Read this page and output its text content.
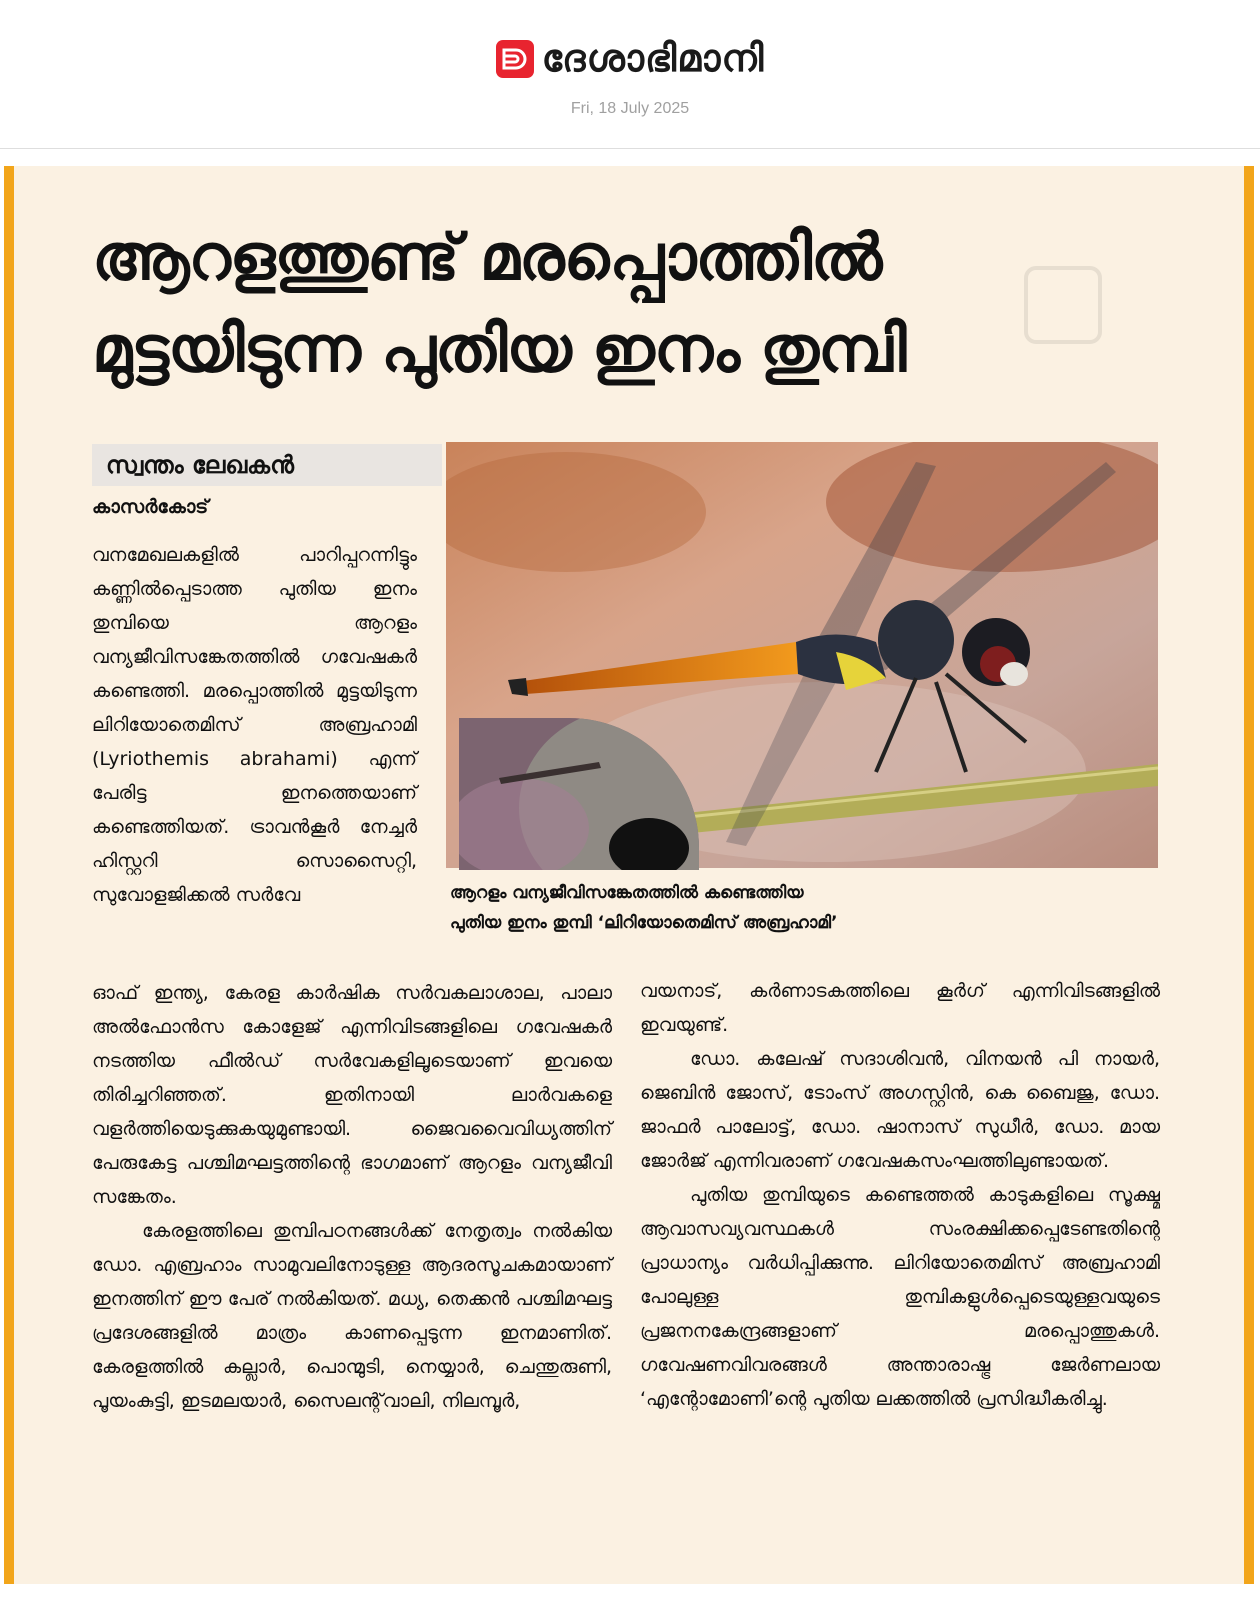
ദേശാഭിമാനി
Fri, 18 July 2025
ആറളത്തുണ്ട് മരപ്പൊത്തിൽ
മുട്ടയിടുന്ന പുതിയ ഇനം തുമ്പി
സ്വന്തം ലേഖകൻ
കാസർകോട്

വനമേഖലകളിൽ പാറിപ്പറന്നിട്ടും കണ്ണിൽപ്പെടാത്ത പുതിയ ഇനം തുമ്പിയെ ആറളം വന്യജീവിസങ്കേതത്തിൽ ഗവേഷകർ കണ്ടെത്തി. മരപ്പൊത്തിൽ മുട്ടയിടുന്ന ലിറിയോതെമിസ് അബ്രഹാമി (Lyriothemis abrahami) എന്ന് പേരിട്ട ഇനത്തെയാണ് കണ്ടെത്തിയത്. ട്രാവൻകൂർ നേച്ചർ ഹിസ്റ്ററി സൊസൈറ്റി, സുവോളജിക്കൽ സർവേ

ഓഫ് ഇന്ത്യ, കേരള കാർഷിക സർവകലാശാല, പാലാ അൽഫോൻസ കോളേജ് എന്നിവിടങ്ങളിലെ ഗവേഷകർ നടത്തിയ ഫീൽഡ് സർവേകളിലൂടെയാണ് ഇവയെ തിരിച്ചറിഞ്ഞത്. ഇതിനായി ലാർവകളെ വളർത്തിയെടുക്കുകയുമുണ്ടായി. ജൈവവൈവിധ്യത്തിന് പേരുകേട്ട പശ്ചിമഘട്ടത്തിന്റെ ഭാഗമാണ് ആറളം വന്യജീവി സങ്കേതം.

കേരളത്തിലെ തുമ്പിപഠനങ്ങൾക്ക് നേതൃത്വം നൽകിയ ഡോ. എബ്രഹാം സാമുവലിനോടുള്ള ആദരസൂചകമായാണ് ഇനത്തിന് ഈ പേര് നൽകിയത്. മധ്യ, തെക്കൻ പശ്ചിമഘട്ട പ്രദേശങ്ങളിൽ മാത്രം കാണപ്പെടുന്ന ഇനമാണിത്. കേരളത്തിൽ കല്ലാർ, പൊന്മുടി, നെയ്യാർ, ചെന്തുരുണി, പൂയംകുട്ടി, ഇടമലയാർ, സൈലന്റ്‌വാലി, നിലമ്പൂർ,

വയനാട്, കർണാടകത്തിലെ കൂർഗ് എന്നിവിടങ്ങളിൽ ഇവയുണ്ട്.

ഡോ. കലേഷ് സദാശിവൻ, വിനയൻ പി നായർ, ജെബിൻ ജോസ്, ടോംസ് അഗസ്റ്റിൻ, കെ ബൈജു, ഡോ. ജാഫർ പാലോട്ട്, ഡോ. ഷാനാസ് സുധീർ, ഡോ. മായ ജോർജ് എന്നിവരാണ് ഗവേഷകസംഘത്തിലുണ്ടായത്.

പുതിയ തുമ്പിയുടെ കണ്ടെത്തൽ കാടുകളിലെ സൂക്ഷ്മ ആവാസവ്യവസ്ഥകൾ സംരക്ഷിക്കപ്പെടേണ്ടതിന്റെ പ്രാധാന്യം വർധിപ്പിക്കുന്നു. ലിറിയോതെമിസ് അബ്രഹാമി പോലുള്ള തുമ്പികളുൾപ്പെടെയുള്ളവയുടെ പ്രജനനകേന്ദ്രങ്ങളാണ് മരപ്പൊത്തുകൾ. ഗവേഷണവിവരങ്ങൾ അന്താരാഷ്ട്ര ജേർണലായ ‘എന്റോമോണി’ന്റെ പുതിയ ലക്കത്തിൽ പ്രസിദ്ധീകരിച്ചു.

ആറളം വന്യജീവിസങ്കേതത്തിൽ കണ്ടെത്തിയ
പുതിയ ഇനം തുമ്പി ‘ലിറിയോതെമിസ് അബ്രഹാമി’
